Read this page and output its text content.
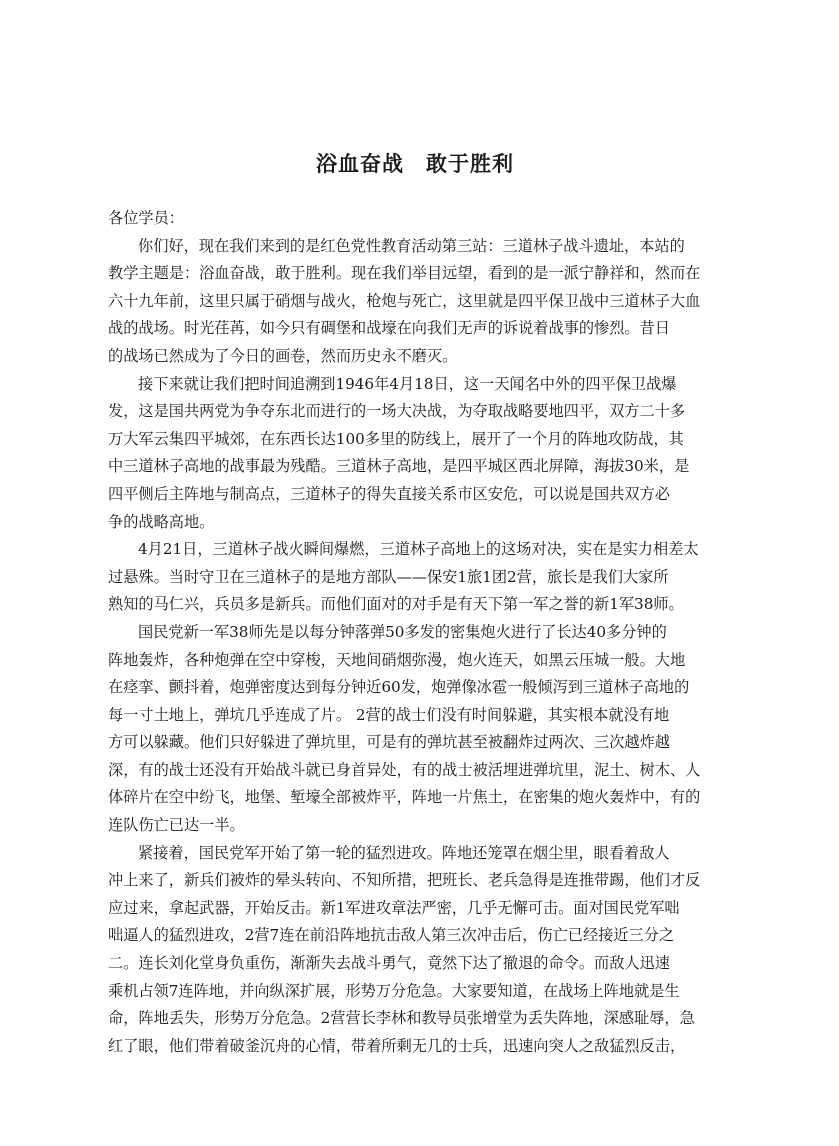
浴血奋战　敢于胜利

各位学员：

你们好，现在我们来到的是红色党性教育活动第三站：三道林子战斗遗址，本站的
教学主题是：浴血奋战，敢于胜利。现在我们举目远望，看到的是一派宁静祥和，然而在
六十九年前，这里只属于硝烟与战火，枪炮与死亡，这里就是四平保卫战中三道林子大血
战的战场。时光荏苒，如今只有碉堡和战壕在向我们无声的诉说着战事的惨烈。昔日
的战场已然成为了今日的画卷，然而历史永不磨灭。
接下来就让我们把时间追溯到1946年4月18日，这一天闻名中外的四平保卫战爆
发，这是国共两党为争夺东北而进行的一场大决战，为夺取战略要地四平，双方二十多
万大军云集四平城郊，在东西长达100多里的防线上，展开了一个月的阵地攻防战，其
中三道林子高地的战事最为残酷。三道林子高地，是四平城区西北屏障，海拔30米，是
四平侧后主阵地与制高点，三道林子的得失直接关系市区安危，可以说是国共双方必
争的战略高地。
4月21日，三道林子战火瞬间爆燃，三道林子高地上的这场对决，实在是实力相差太
过悬殊。当时守卫在三道林子的是地方部队——保安1旅1团2营，旅长是我们大家所
熟知的马仁兴，兵员多是新兵。而他们面对的对手是有天下第一军之誉的新1军38师。
国民党新一军38师先是以每分钟落弹50多发的密集炮火进行了长达40多分钟的
阵地轰炸，各种炮弹在空中穿梭，天地间硝烟弥漫，炮火连天，如黑云压城一般。大地
在痉挛、颤抖着，炮弹密度达到每分钟近60发，炮弹像冰雹一般倾泻到三道林子高地的
每一寸土地上，弹坑几乎连成了片。 2营的战士们没有时间躲避，其实根本就没有地
方可以躲藏。他们只好躲进了弹坑里，可是有的弹坑甚至被翻炸过两次、三次越炸越
深，有的战士还没有开始战斗就已身首异处，有的战士被活埋进弹坑里，泥土、树木、人
体碎片在空中纷飞，地堡、堑壕全部被炸平，阵地一片焦土，在密集的炮火轰炸中，有的
连队伤亡已达一半。
紧接着，国民党军开始了第一轮的猛烈进攻。阵地还笼罩在烟尘里，眼看着敌人
冲上来了，新兵们被炸的晕头转向、不知所措，把班长、老兵急得是连推带踢，他们才反
应过来，拿起武器，开始反击。新1军进攻章法严密，几乎无懈可击。面对国民党军咄
咄逼人的猛烈进攻，2营7连在前沿阵地抗击敌人第三次冲击后，伤亡已经接近三分之
二。连长刘化堂身负重伤，渐渐失去战斗勇气，竟然下达了撤退的命令。而敌人迅速
乘机占领7连阵地，并向纵深扩展，形势万分危急。大家要知道，在战场上阵地就是生
命，阵地丢失，形势万分危急。2营营长李林和教导员张增堂为丢失阵地，深感耻辱，急
红了眼，他们带着破釜沉舟的心情，带着所剩无几的士兵，迅速向突人之敌猛烈反击，
